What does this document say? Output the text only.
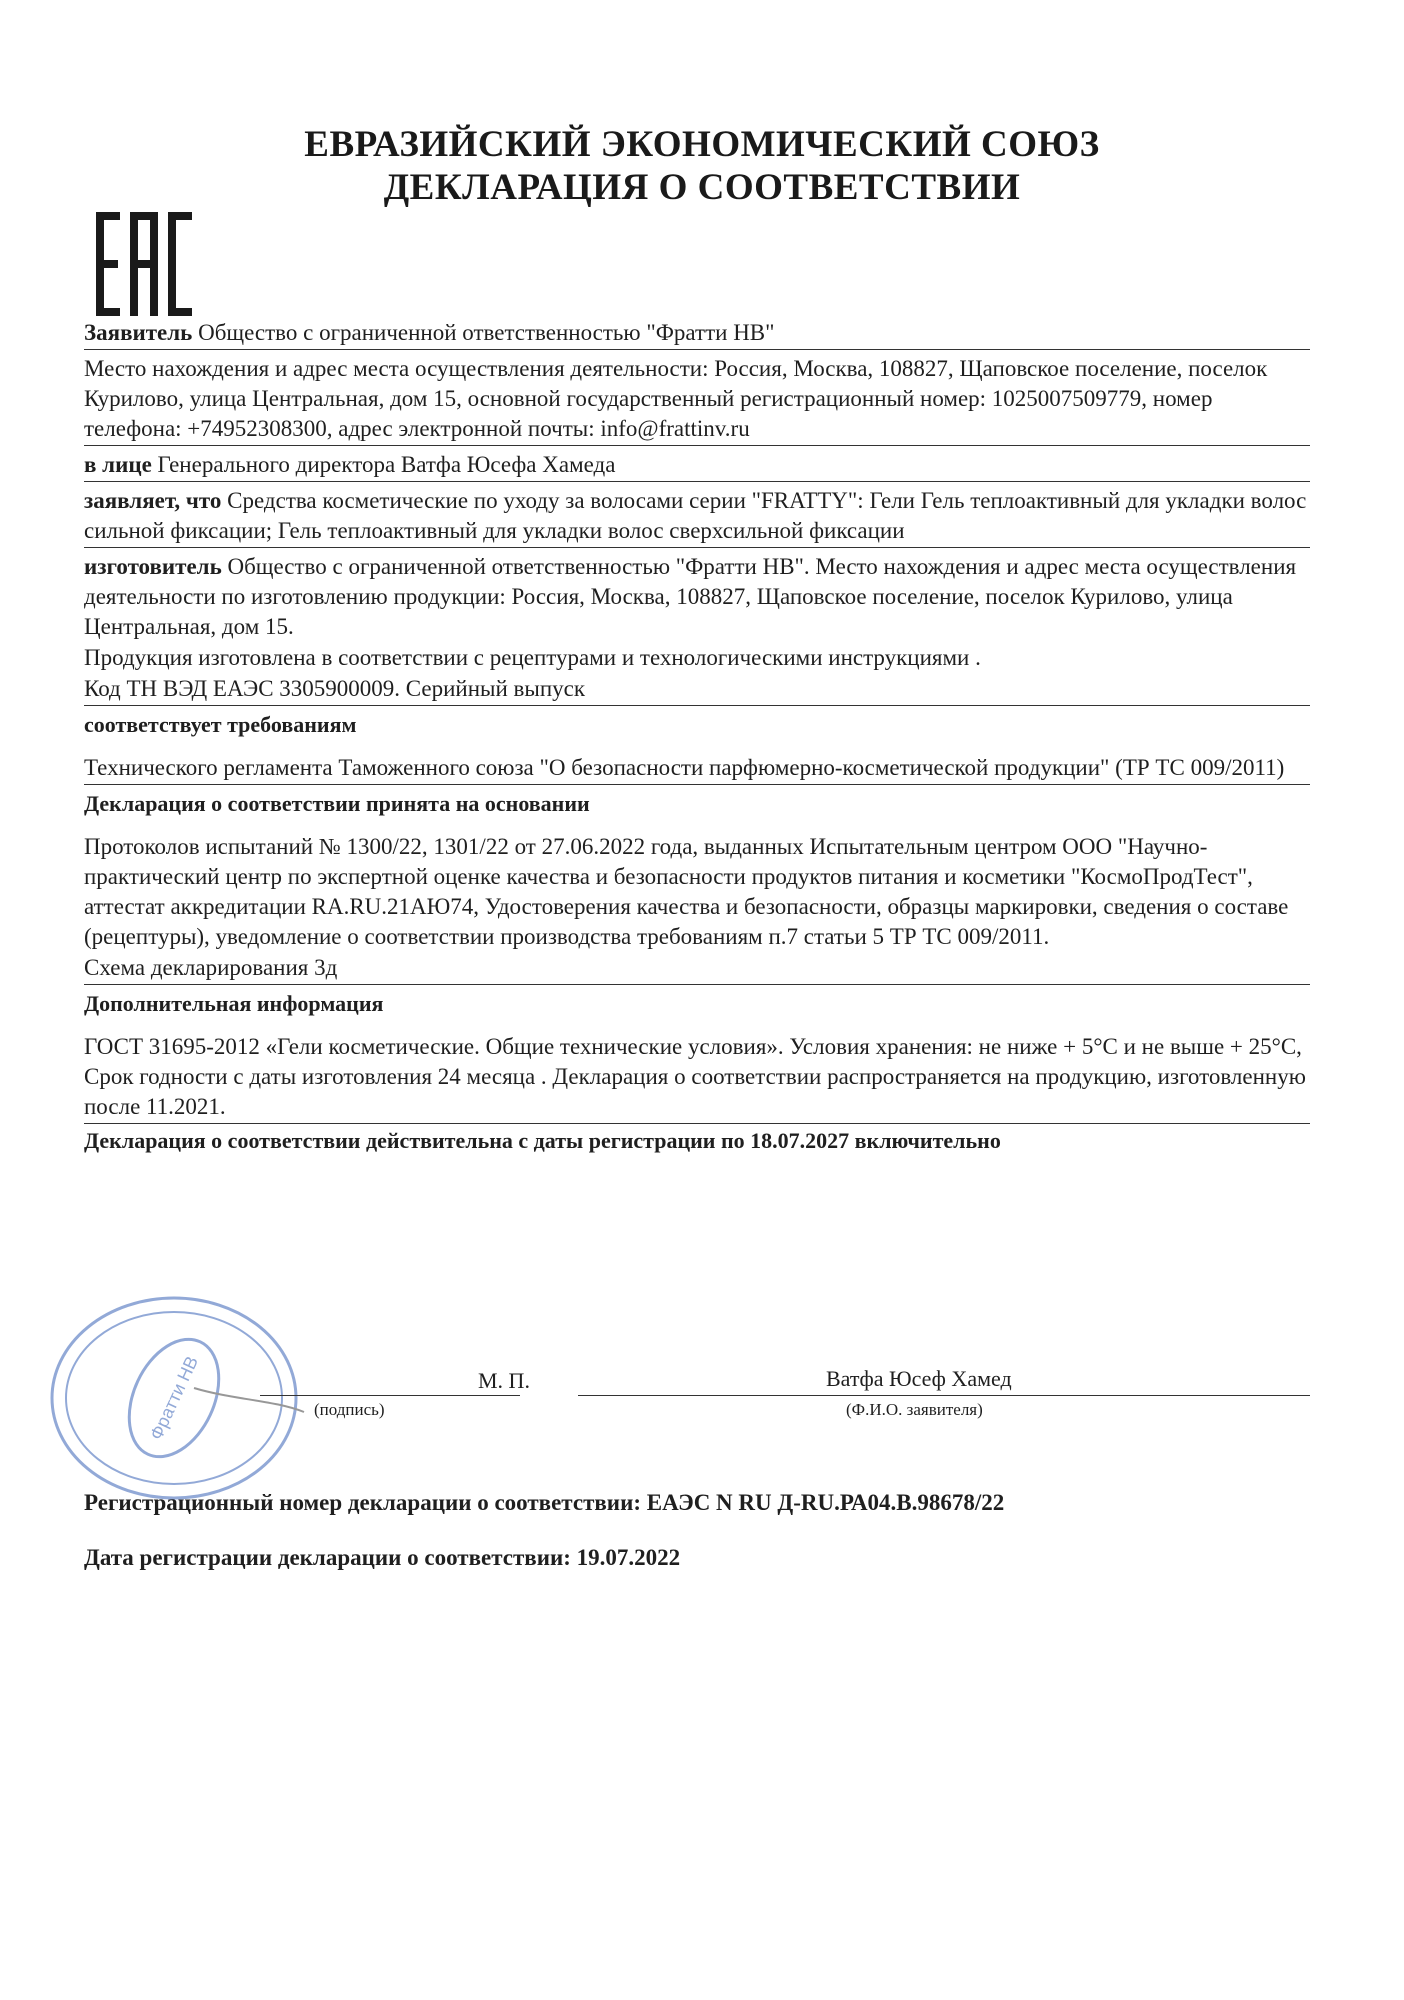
ЕВРАЗИЙСКИЙ ЭКОНОМИЧЕСКИЙ СОЮЗ
ДЕКЛАРАЦИЯ О СООТВЕТСТВИИ
Заявитель Общество с ограниченной ответственностью "Фратти НВ"
Место нахождения и адрес места осуществления деятельности: Россия, Москва, 108827, Щаповское поселение, поселок Курилово, улица Центральная, дом 15, основной государственный регистрационный номер: 1025007509779, номер телефона: +74952308300, адрес электронной почты: info@frattinv.ru
в лице Генерального директора Ватфа Юсефа Хамеда
заявляет, что Средства косметические по уходу за волосами серии "FRATTY": Гели Гель теплоактивный для укладки волос сильной фиксации; Гель теплоактивный для укладки волос сверхсильной фиксации
изготовитель Общество с ограниченной ответственностью "Фратти НВ". Место нахождения и адрес места осуществления деятельности по изготовлению продукции: Россия, Москва, 108827, Щаповское поселение, поселок Курилово, улица Центральная, дом 15.
Продукция изготовлена в соответствии с рецептурами и технологическими инструкциями .
Код ТН ВЭД ЕАЭС 3305900009. Серийный выпуск
соответствует требованиям
Технического регламента Таможенного союза "О безопасности парфюмерно-косметической продукции" (ТР ТС 009/2011)
Декларация о соответствии принята на основании
Протоколов испытаний № 1300/22, 1301/22 от 27.06.2022 года, выданных Испытательным центром ООО "Научно-практический центр по экспертной оценке качества и безопасности продуктов питания и косметики "КосмоПродТест", аттестат аккредитации RA.RU.21АЮ74, Удостоверения качества и безопасности, образцы маркировки, сведения о составе (рецептуры), уведомление о соответствии производства требованиям п.7 статьи 5 ТР ТС 009/2011.
Схема декларирования 3д
Дополнительная информация
ГОСТ 31695-2012 «Гели косметические. Общие технические условия». Условия хранения: не ниже + 5°С и не выше + 25°С, Срок годности с даты изготовления 24 месяца . Декларация о соответствии распространяется на продукцию, изготовленную после 11.2021.
Декларация о соответствии действительна с даты регистрации по 18.07.2027 включительно
Фратти НВ	(подпись)
М. П.	Ватфа Юсеф Хамед
(Ф.И.О. заявителя)
Регистрационный номер декларации о соответствии: ЕАЭС N RU Д-RU.РА04.В.98678/22
Дата регистрации декларации о соответствии: 19.07.2022
